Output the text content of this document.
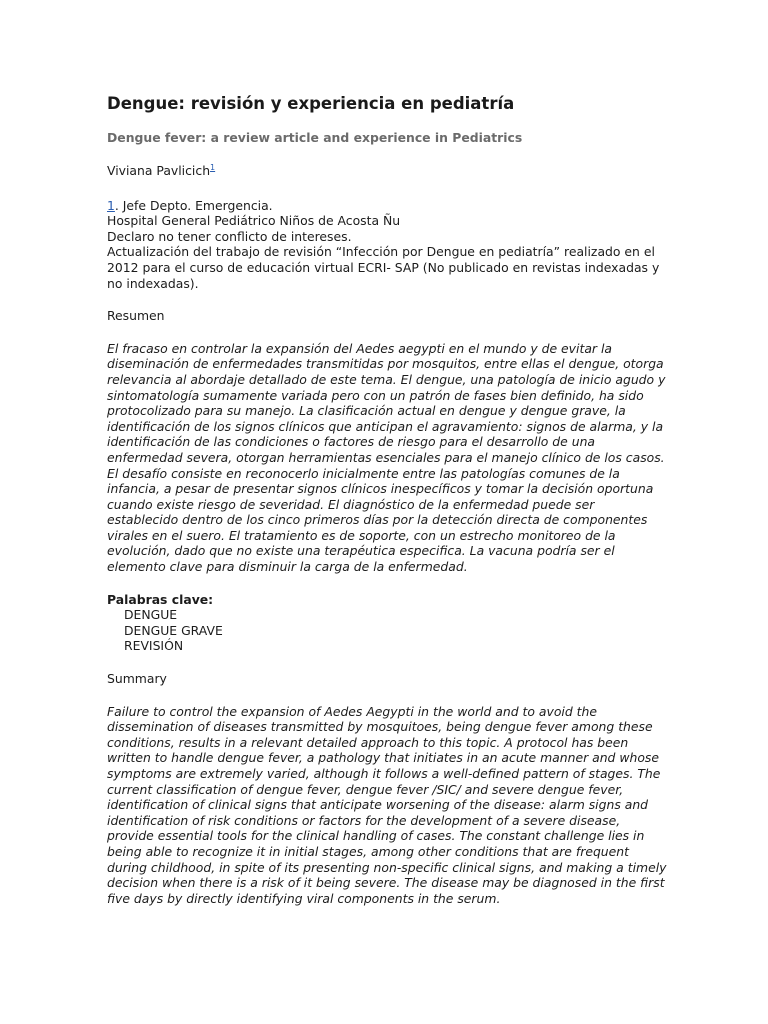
Dengue: revisión y experiencia en pediatría
Dengue fever: a review article and experience in Pediatrics
Viviana Pavlicich$^1$
1. Jefe Depto. Emergencia.
Hospital General Pediátrico Niños de Acosta Ñu
Declaro no tener conflicto de intereses.
Actualización del trabajo de revisión “Infección por Dengue en pediatría” realizado en el 2012 para el curso de educación virtual ECRI- SAP (No publicado en revistas indexadas y no indexadas).
Resumen

El fracaso en controlar la expansión del Aedes aegypti en el mundo y de evitar la diseminación de enfermedades transmitidas por mosquitos, entre ellas el dengue, otorga relevancia al abordaje detallado de este tema. El dengue, una patología de inicio agudo y sintomatología sumamente variada pero con un patrón de fases bien definido, ha sido protocolizado para su manejo. La clasificación actual en dengue y dengue grave, la identificación de los signos clínicos que anticipan el agravamiento: signos de alarma, y la identificación de las condiciones o factores de riesgo para el desarrollo de una enfermedad severa, otorgan herramientas esenciales para el manejo clínico de los casos. El desafío consiste en reconocerlo inicialmente entre las patologías comunes de la infancia, a pesar de presentar signos clínicos inespecíficos y tomar la decisión oportuna cuando existe riesgo de severidad. El diagnóstico de la enfermedad puede ser establecido dentro de los cinco primeros días por la detección directa de componentes virales en el suero. El tratamiento es de soporte, con un estrecho monitoreo de la evolución, dado que no existe una terapéutica especifica. La vacuna podría ser el elemento clave para disminuir la carga de la enfermedad.

Palabras clave:
DENGUE
DENGUE GRAVE
REVISIÓN
Summary

Failure to control the expansion of Aedes Aegypti in the world and to avoid the dissemination of diseases transmitted by mosquitoes, being dengue fever among these conditions, results in a relevant detailed approach to this topic. A protocol has been written to handle dengue fever, a pathology that initiates in an acute manner and whose symptoms are extremely varied, although it follows a well-defined pattern of stages. The current classification of dengue fever, dengue fever /SIC/ and severe dengue fever, identification of clinical signs that anticipate worsening of the disease: alarm signs and identification of risk conditions or factors for the development of a severe disease, provide essential tools for the clinical handling of cases. The constant challenge lies in being able to recognize it in initial stages, among other conditions that are frequent during childhood, in spite of its presenting non-specific clinical signs, and making a timely decision when there is a risk of it being severe. The disease may be diagnosed in the first five days by directly identifying viral components in the serum.
